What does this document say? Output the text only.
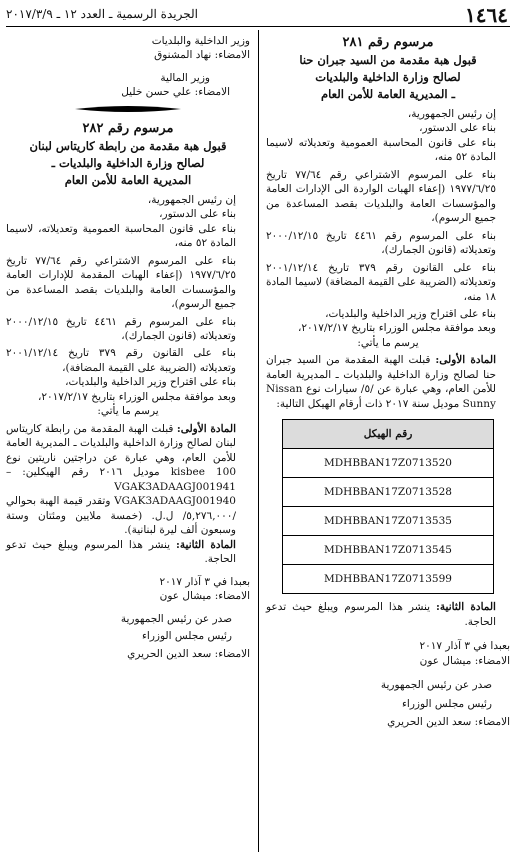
١٤٦٤
الجريدة الرسمية ـ العدد ١٢ ـ ٢٠١٧/٣/٩

مرسوم رقم ٢٨١

قبول هبة مقدمة من السيد جبران حنا
لصالح وزارة الداخلية والبلديات
ـ المديرية العامة للأمن العام

إن رئيس الجمهورية،

بناء على الدستور،

بناء على قانون المحاسبة العمومية وتعديلاته لاسيما المادة ٥٢ منه،

بناء على المرسوم الاشتراعي رقم ٧٧/٦٤ تاريخ ١٩٧٧/٦/٢٥ (إعفاء الهبات الواردة الى الإدارات العامة والمؤسسات العامة والبلديات بقصد المساعدة من جميع الرسوم)،

بناء على المرسوم رقم ٤٤٦١ تاريخ ٢٠٠٠/١٢/١٥ وتعديلاته (قانون الجمارك)،

بناء على القانون رقم ٣٧٩ تاريخ ٢٠٠١/١٢/١٤ وتعديلاته (الضريبة على القيمة المضافة) لاسيما المادة ١٨ منه،

بناء على اقتراح وزير الداخلية والبلديات،

وبعد موافقة مجلس الوزراء بتاريخ ٢٠١٧/٢/١٧،

يرسم ما يأتي:

المادة الأولى: قبلت الهبة المقدمة من السيد جبران حنا لصالح وزارة الداخلية والبلديات ـ المديرية العامة للأمن العام، وهي عبارة عن /٥/ سيارات نوع Nissan Sunny موديل سنة ٢٠١٧ ذات أرقام الهيكل التالية:

رقم الهيكل
MDHBBAN17Z0713520
MDHBBAN17Z0713528
MDHBBAN17Z0713535
MDHBBAN17Z0713545
MDHBBAN17Z0713599

المادة الثانية: ينشر هذا المرسوم ويبلغ حيث تدعو الحاجة.

بعبدا في ٣ آذار ٢٠١٧

الامضاء: ميشال عون

صدر عن رئيس الجمهورية

رئيس مجلس الوزراء

الامضاء: سعد الدين الحريري

وزير الداخلية والبلديات

الامضاء: نهاد المشنوق

وزير المالية

الامضاء: علي حسن خليل

مرسوم رقم ٢٨٢

قبول هبة مقدمة من رابطة كاريتاس لبنان
لصالح وزارة الداخلية والبلديات ـ
المديرية العامة للأمن العام

إن رئيس الجمهورية،

بناء على الدستور،

بناء على قانون المحاسبة العمومية وتعديلاته، لاسيما المادة ٥٢ منه،

بناء على المرسوم الاشتراعي رقم ٧٧/٦٤ تاريخ ١٩٧٧/٦/٢٥ (إعفاء الهبات المقدمة للإدارات العامة والمؤسسات العامة والبلديات بقصد المساعدة من جميع الرسوم)،

بناء على المرسوم رقم ٤٤٦١ تاريخ ٢٠٠٠/١٢/١٥ وتعديلاته (قانون الجمارك)،

بناء على القانون رقم ٣٧٩ تاريخ ٢٠٠١/١٢/١٤ وتعديلاته (الضريبة على القيمة المضافة)،

بناء على اقتراح وزير الداخلية والبلديات،

وبعد موافقة مجلس الوزراء بتاريخ ٢٠١٧/٢/١٧،

يرسم ما يأتي:

المادة الأولى: قبلت الهبة المقدمة من رابطة كاريتاس لبنان لصالح وزارة الداخلية والبلديات ـ المديرية العامة للأمن العام، وهي عبارة عن دراجتين ناريتين نوع kisbee 100 موديل ٢٠١٦ رقم الهيكلين: – VGAK3ADAAGJ001941 VGAK3ADAAGJ001940 وتقدر قيمة الهبة بحوالي /٥,٢٧٦,٠٠٠/ ل.ل. (خمسة ملايين ومئتان وستة وسبعون ألف ليرة لبنانية).

المادة الثانية: ينشر هذا المرسوم ويبلغ حيث تدعو الحاجة.

بعبدا في ٣ آذار ٢٠١٧

الامضاء: ميشال عون

صدر عن رئيس الجمهورية

رئيس مجلس الوزراء

الامضاء: سعد الدين الحريري
